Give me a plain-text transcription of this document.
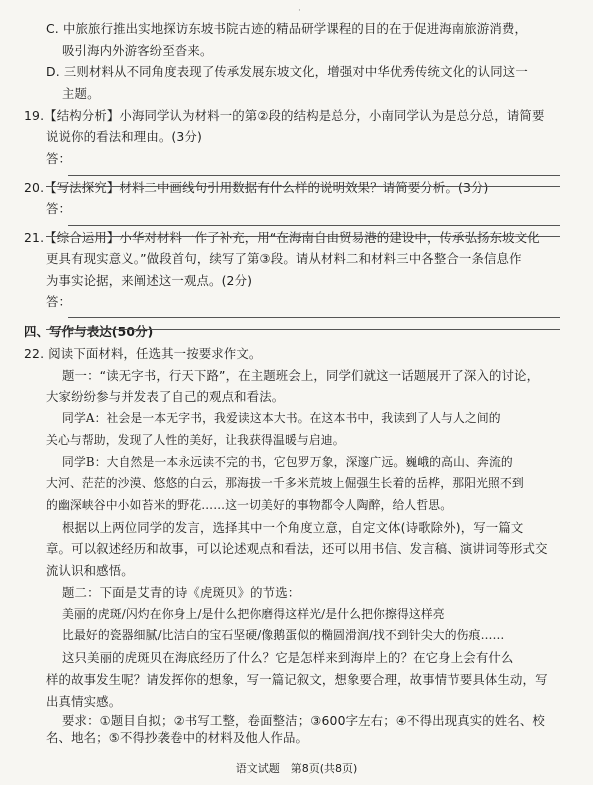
·
C. 中旅旅行推出实地探访东坡书院古迹的精品研学课程的目的在于促进海南旅游消费，
吸引海内外游客纷至沓来。
D. 三则材料从不同角度表现了传承发展东坡文化，增强对中华优秀传统文化的认同这一
主题。
19.【结构分析】小海同学认为材料一的第②段的结构是总分，小南同学认为是总分总，请简要
说说你的看法和理由。(3分)
答：
20.【写法探究】材料二中画线句引用数据有什么样的说明效果？请简要分析。(3分)
答：
21.【综合运用】小华对材料一作了补充，用“在海南自由贸易港的建设中，传承弘扬东坡文化
更具有现实意义。”做段首句，续写了第③段。请从材料二和材料三中各整合一条信息作
为事实论据，来阐述这一观点。(2分)
答：
四、写作与表达(50分)
22. 阅读下面材料，任选其一按要求作文。
题一：“读无字书，行天下路”，在主题班会上，同学们就这一话题展开了深入的讨论，
大家纷纷参与并发表了自己的观点和看法。
同学A：社会是一本无字书，我爱读这本大书。在这本书中，我读到了人与人之间的
关心与帮助，发现了人性的美好，让我获得温暖与启迪。
同学B：大自然是一本永远读不完的书，它包罗万象，深邃广远。巍峨的高山、奔流的
大河、茫茫的沙漠、悠悠的白云，那海拔一千多米荒坡上倔强生长着的岳桦，那阳光照不到
的幽深峡谷中小如苔米的野花……这一切美好的事物都令人陶醉，给人哲思。
根据以上两位同学的发言，选择其中一个角度立意，自定文体(诗歌除外)，写一篇文
章。可以叙述经历和故事，可以论述观点和看法，还可以用书信、发言稿、演讲词等形式交
流认识和感悟。
题二：下面是艾青的诗《虎斑贝》的节选：
美丽的虎斑/闪灼在你身上/是什么把你磨得这样光/是什么把你擦得这样亮
比最好的瓷器细腻/比洁白的宝石坚硬/像鹅蛋似的椭圆滑润/找不到针尖大的伤痕……
这只美丽的虎斑贝在海底经历了什么？它是怎样来到海岸上的？在它身上会有什么
样的故事发生呢？请发挥你的想象，写一篇记叙文，想象要合理，故事情节要具体生动，写
出真情实感。
要求：①题目自拟；②书写工整，卷面整洁；③600字左右；④不得出现真实的姓名、校
名、地名；⑤不得抄袭卷中的材料及他人作品。
语文试题　第8页(共8页)
